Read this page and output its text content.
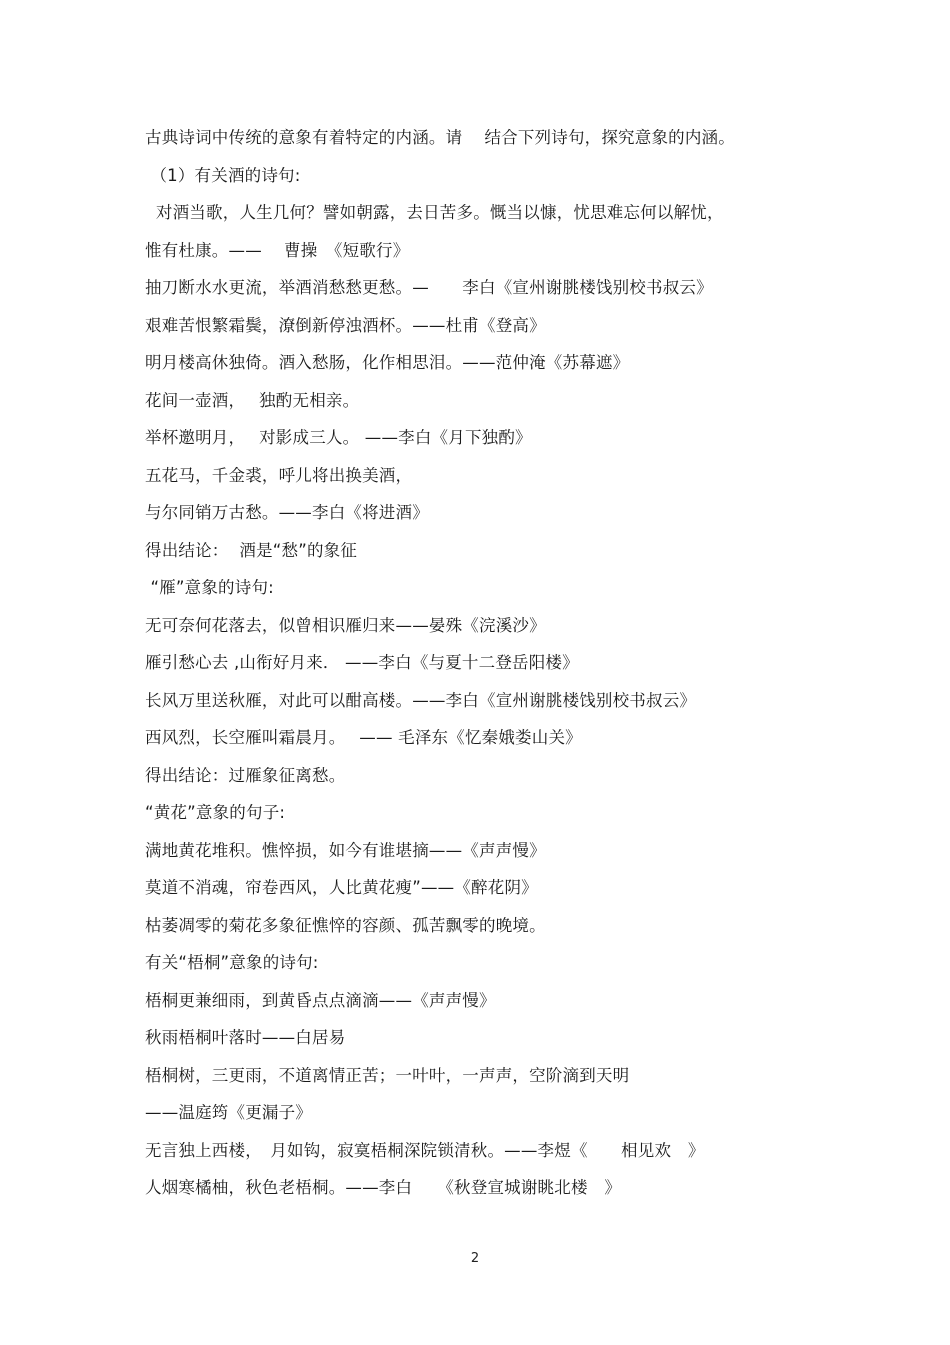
古典诗词中传统的意象有着特定的内涵。请　 结合下列诗句，探究意象的内涵。
（1）有关酒的诗句:
对酒当歌，人生几何？譬如朝露，去日苦多。慨当以慷，忧思难忘何以解忧，
惟有杜康。——　 曹操　《短歌行》
抽刀断水水更流，举酒消愁愁更愁。—　　李白《宣州谢朓楼饯别校书叔云》
艰难苦恨繁霜鬓，潦倒新停浊酒杯。——杜甫《登高》
明月楼高休独倚。酒入愁肠，化作相思泪。——范仲淹《苏幕遮》
花间一壶酒，　 独酌无相亲。
举杯邀明月，　 对影成三人。 ——李白《月下独酌》
五花马，千金裘，呼儿将出换美酒，
与尔同销万古愁。——李白《将进酒》
得出结论：  酒是“愁”的象征
“雁”意象的诗句:
无可奈何花落去，似曾相识雁归来——晏殊《浣溪沙》
雁引愁心去 ,山衔好月来． ——李白《与夏十二登岳阳楼》
长风万里送秋雁，对此可以酣高楼。——李白《宣州谢朓楼饯别校书叔云》
西风烈，长空雁叫霜晨月。　 —— 毛泽东《忆秦娥娄山关》
得出结论：过雁象征离愁。
“黄花”意象的句子:
满地黄花堆积。憔悴损，如今有谁堪摘——《声声慢》
莫道不消魂，帘卷西风，人比黄花瘦”——《醉花阴》
枯萎凋零的菊花多象征憔悴的容颜、孤苦飘零的晚境。
有关“梧桐”意象的诗句:
梧桐更兼细雨，到黄昏点点滴滴——《声声慢》
秋雨梧桐叶落时——白居易
梧桐树，三更雨，不道离情正苦；一叶叶，一声声，空阶滴到天明
——温庭筠《更漏子》
无言独上西楼，　月如钩，寂寞梧桐深院锁清秋。——李煜《　　相见欢　》
人烟寒橘柚，秋色老梧桐。——李白　　《秋登宣城谢眺北楼　》
2
